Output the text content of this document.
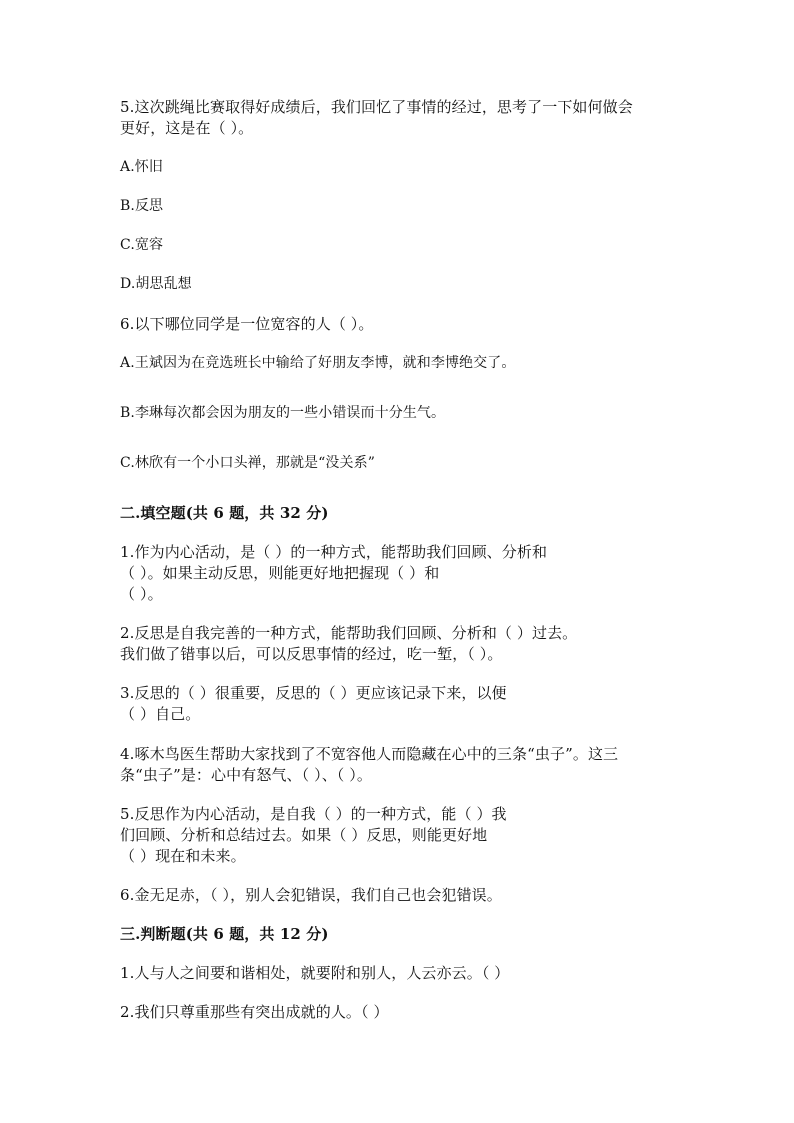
5.这次跳绳比赛取得好成绩后，我们回忆了事情的经过，思考了一下如何做会
更好，这是在（ ）。
A.怀旧
B.反思
C.宽容
D.胡思乱想
6.以下哪位同学是一位宽容的人（ ）。
A.王斌因为在竞选班长中输给了好朋友李博，就和李博绝交了。
B.李琳每次都会因为朋友的一些小错误而十分生气。
C.林欣有一个小口头禅，那就是“没关系”
二.填空题(共 6 题，共 32 分)
1.作为内心活动，是（ ）的一种方式，能帮助我们回顾、分析和
（ ）。如果主动反思，则能更好地把握现（ ）和
（ ）。
2.反思是自我完善的一种方式，能帮助我们回顾、分析和（ ）过去。
我们做了错事以后，可以反思事情的经过，吃一堑，（ ）。
3.反思的（ ）很重要，反思的（ ）更应该记录下来，以便
（ ）自己。
4.啄木鸟医生帮助大家找到了不宽容他人而隐藏在心中的三条“虫子”。这三
条“虫子”是：心中有怒气、（ ）、（ ）。
5.反思作为内心活动，是自我（ ）的一种方式，能（ ）我
们回顾、分析和总结过去。如果（ ）反思，则能更好地
（ ）现在和未来。
6.金无足赤，（ ），别人会犯错误，我们自己也会犯错误。
三.判断题(共 6 题，共 12 分)
1.人与人之间要和谐相处，就要附和别人，人云亦云。（ ）
2.我们只尊重那些有突出成就的人。（ ）
